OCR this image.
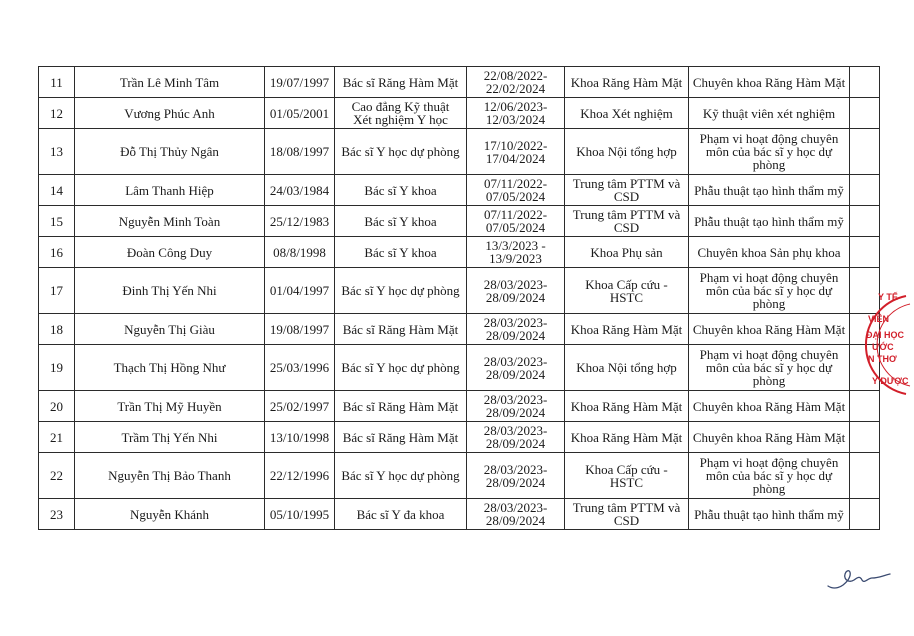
11	Trần Lê Minh Tâm	19/07/1997	Bác sĩ Răng Hàm Mặt	22/08/2022-
22/02/2024	Khoa Răng Hàm Mặt	Chuyên khoa Răng Hàm Mặt	
12	Vương Phúc Anh	01/05/2001	Cao đẳng Kỹ thuật
Xét nghiệm Y học	12/06/2023-
12/03/2024	Khoa Xét nghiệm	Kỹ thuật viên xét nghiệm	
13	Đỗ Thị Thủy Ngân	18/08/1997	Bác sĩ Y học dự phòng	17/10/2022-
17/04/2024	Khoa Nội tổng hợp	Phạm vi hoạt động chuyên
môn của bác sĩ y học dự
phòng	
14	Lâm Thanh Hiệp	24/03/1984	Bác sĩ Y khoa	07/11/2022-
07/05/2024	Trung tâm PTTM và
CSD	Phẫu thuật tạo hình thẩm mỹ	
15	Nguyễn Minh Toàn	25/12/1983	Bác sĩ Y khoa	07/11/2022-
07/05/2024	Trung tâm PTTM và
CSD	Phẫu thuật tạo hình thẩm mỹ	
16	Đoàn Công Duy	08/8/1998	Bác sĩ Y khoa	13/3/2023 -
13/9/2023	Khoa Phụ sản	Chuyên khoa Sản phụ khoa	
17	Đinh Thị Yến Nhi	01/04/1997	Bác sĩ Y học dự phòng	28/03/2023-
28/09/2024	Khoa Cấp cứu -
HSTC	Phạm vi hoạt động chuyên
môn của bác sĩ y học dự
phòng	
18	Nguyễn Thị Giàu	19/08/1997	Bác sĩ Răng Hàm Mặt	28/03/2023-
28/09/2024	Khoa Răng Hàm Mặt	Chuyên khoa Răng Hàm Mặt	
19	Thạch Thị Hồng Như	25/03/1996	Bác sĩ Y học dự phòng	28/03/2023-
28/09/2024	Khoa Nội tổng hợp	Phạm vi hoạt động chuyên
môn của bác sĩ y học dự
phòng	
20	Trần Thị Mỹ Huyền	25/02/1997	Bác sĩ Răng Hàm Mặt	28/03/2023-
28/09/2024	Khoa Răng Hàm Mặt	Chuyên khoa Răng Hàm Mặt	
21	Trầm Thị Yến Nhi	13/10/1998	Bác sĩ Răng Hàm Mặt	28/03/2023-
28/09/2024	Khoa Răng Hàm Mặt	Chuyên khoa Răng Hàm Mặt	
22	Nguyễn Thị Bảo Thanh	22/12/1996	Bác sĩ Y học dự phòng	28/03/2023-
28/09/2024	Khoa Cấp cứu -
HSTC	Phạm vi hoạt động chuyên
môn của bác sĩ y học dự
phòng	
23	Nguyễn Khánh	05/10/1995	Bác sĩ Y đa khoa	28/03/2023-
28/09/2024	Trung tâm PTTM và
CSD	Phẫu thuật tạo hình thẩm mỹ	
Y TẾ
VIỆN
ĐẠI HỌC
ƯỚC
N THƠ
Y DƯỢC
